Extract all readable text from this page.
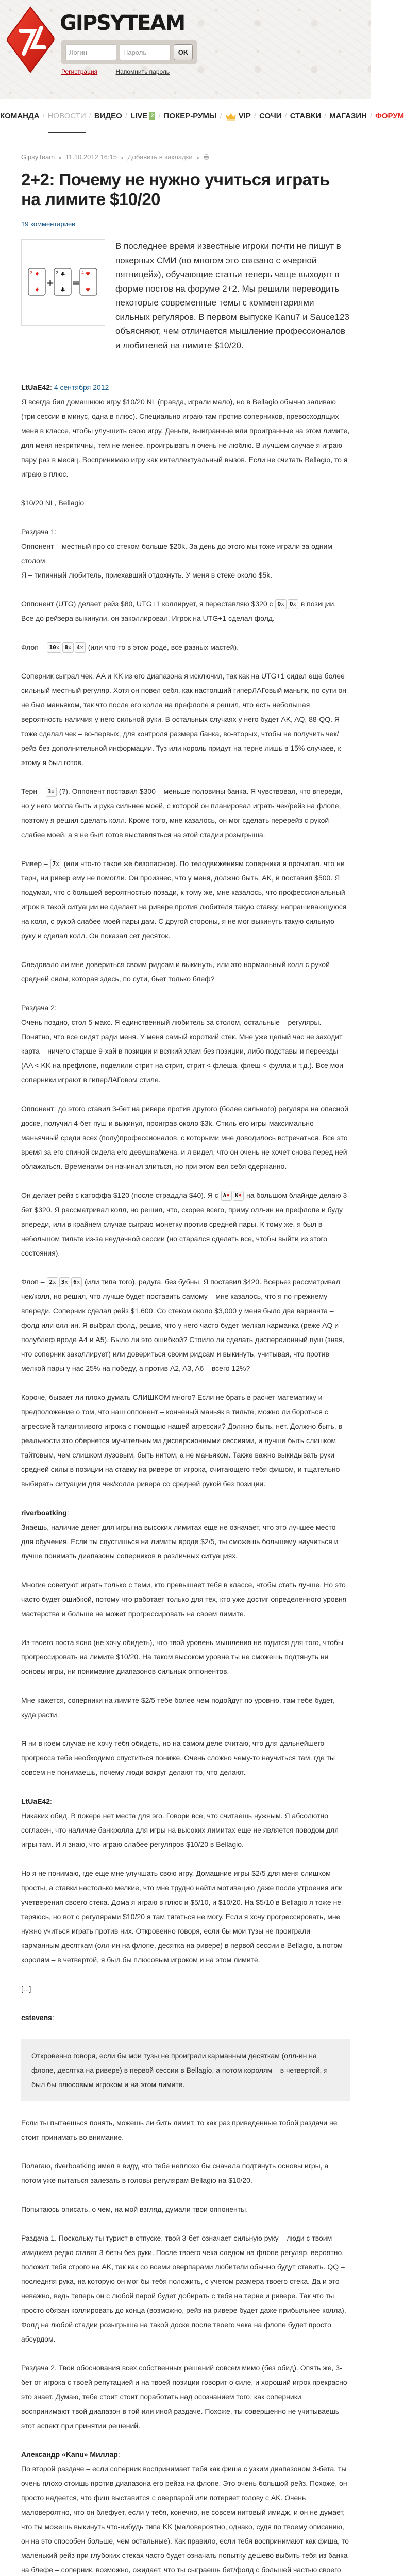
GIPSYTEAM
Логин
OK
Регистрация	Напомнить пароль
КОМАНДА / НОВОСТИ / ВИДЕО / LIVE 2 / ПОКЕР-РУМЫ / VIP / СОЧИ / СТАВКИ / МАГАЗИН / ФОРУМ
GipsyTeam ● 11.10.2012 16:15 ● Добавить в закладки ● 🖶
2+2: Почему не нужно учиться играть на лимите $10/20
19 комментариев
2 ♦
♦
+
2 ♣
♣
=
4 ♥
♥
В последнее время известные игроки почти не пишут в покерных СМИ (во многом это связано с «черной пятницей»), обучающие статьи теперь чаще выходят в форме постов на форуме 2+2. Мы решили переводить некоторые современные темы с комментариями сильных регуляров. В первом выпуске Kanu7 и Sauce123 объясняют, чем отличается мышление профессионалов и любителей на лимите $10/20.

LtUaE42: 4 сентября 2012
Я всегда бил домашнюю игру $10/20 NL (правда, играли мало), но в Bellagio обычно заливаю (три сессии в минус, одна в плюс). Специально играю там против соперников, превосходящих меня в классе, чтобы улучшить свою игру. Деньги, выигранные или проигранные на этом лимите, для меня некритичны, тем не менее, проигрывать я очень не люблю. В лучшем случае я играю пару раз в месяц. Воспринимаю игру как интеллектуальный вызов. Если не считать Bellagio, то я играю в плюс.

$10/20 NL, Bellagio

Раздача 1:
Оппонент – местный про со стеком больше $20k. За день до этого мы тоже играли за одним столом.
Я – типичный любитель, приехавший отдохнуть. У меня в стеке около $5k.

Оппонент (UTG) делает рейз $80, UTG+1 коллирует, я переставляю $320 с Qx Qx в позиции. Все до рейзера выкинули, он заколлировал. Игрок на UTG+1 сделал фолд.

Флоп – 10x 8x 4x (или что-то в этом роде, все разных мастей).

Соперник сыграл чек. AA и KK из его диапазона я исключил, так как на UTG+1 сидел еще более сильный местный регуляр. Хотя он повел себя, как настоящий гиперЛАГовый маньяк, по сути он не был маньяком, так что после его колла на префлопе я решил, что есть небольшая вероятность наличия у него сильной руки. В остальных случаях у него будет AK, AQ, 88-QQ. Я тоже сделал чек – во-первых, для контроля размера банка, во-вторых, чтобы не получить чек/рейз без дополнительной информации. Туз или король придут на терне лишь в 15% случаев, к этому я был готов.

Терн – 3x (?). Оппонент поставил $300 – меньше половины банка. Я чувствовал, что впереди, но у него могла быть и рука сильнее моей, с которой он планировал играть чек/рейз на флопе, поэтому я решил сделать колл. Кроме того, мне казалось, он мог сделать перерейз с рукой слабее моей, а я не был готов выставляться на этой стадии розыгрыша.

Ривер – 7x (или что-то такое же безопасное). По телодвижениям соперника я прочитал, что ни терн, ни ривер ему не помогли. Он произнес, что у меня, должно быть, AK, и поставил $500. Я подумал, что с большей вероятностью позади, к тому же, мне казалось, что профессиональный игрок в такой ситуации не сделает на ривере против любителя такую ставку, напрашивающуюся на колл, с рукой слабее моей пары дам. С другой стороны, я не мог выкинуть такую сильную руку и сделал колл. Он показал сет десяток.

Следовало ли мне довериться своим ридсам и выкинуть, или это нормальный колл с рукой средней силы, которая здесь, по сути, бьет только блеф?

Раздача 2:
Очень поздно, стол 5-макс. Я единственный любитель за столом, остальные – регуляры. Понятно, что все сидят ради меня. У меня самый короткий стек. Мне уже целый час не заходит карта – ничего старше 9-хай в позиции и всякий хлам без позиции, либо подставы и переезды (AA < KK на префлопе, поделили стрит на стрит, стрит < флеша, флеш < фулла и т.д.). Все мои соперники играют в гиперЛАГовом стиле.

Оппонент: до этого ставил 3-бет на ривере против другого (более сильного) регуляра на опасной доске, получил 4-бет пуш и выкинул, проиграв около $3k. Стиль его игры максимально маньячный среди всех (полу)профессионалов, с которыми мне доводилось встречаться. Все это время за его спиной сидела его девушка/жена, и я видел, что он очень не хочет снова перед ней облажаться. Временами он начинал злиться, но при этом вел себя сдержанно.

Он делает рейз с катоффа $120 (после страддла $40). Я с A♦ K♦ на большом блайнде делаю 3-бет $320. Я рассматривал колл, но решил, что, скорее всего, приму олл-ин на префлопе и буду впереди, или в крайнем случае сыграю монетку против средней пары. К тому же, я был в небольшом тильте из-за неудачной сессии (но старался сделать все, чтобы выйти из этого состояния).

Флоп – 2x 3x 6x (или типа того), радуга, без бубны. Я поставил $420. Всерьез рассматривал чек/колл, но решил, что лучше будет поставить самому – мне казалось, что я по-прежнему впереди. Соперник сделал рейз $1,600. Со стеком около $3,000 у меня было два варианта – фолд или олл-ин. Я выбрал фолд, решив, что у него часто будет мелкая карманка (реже AQ и полублеф вроде A4 и A5). Было ли это ошибкой? Стоило ли сделать дисперсионный пуш (зная, что соперник заколлирует) или довериться своим ридсам и выкинуть, учитывая, что против мелкой пары у нас 25% на победу, а против A2, A3, A6 – всего 12%?

Короче, бывает ли плохо думать СЛИШКОМ много? Если не брать в расчет математику и предположение о том, что наш оппонент – конченый маньяк в тильте, можно ли бороться с агрессией талантливого игрока с помощью нашей агрессии? Должно быть, нет. Должно быть, в реальности это обернется мучительными дисперсионными сессиями, и лучше быть слишком тайтовым, чем слишком лузовым, быть нитом, а не маньяком. Также важно выкидывать руки средней силы в позиции на ставку на ривере от игрока, считающего тебя фишом, и тщательно выбирать ситуации для чек/колла ривера со средней рукой без позиции.

riverboatking:
Знаешь, наличие денег для игры на высоких лимитах еще не означает, что это лучшее место для обучения. Если ты спустишься на лимиты вроде $2/5, ты сможешь большему научиться и лучше понимать диапазоны соперников в различных ситуациях.

Многие советуют играть только с теми, кто превышает тебя в классе, чтобы стать лучше. Но это часто будет ошибкой, потому что работает только для тех, кто уже достиг определенного уровня мастерства и больше не может прогрессировать на своем лимите.

Из твоего поста ясно (не хочу обидеть), что твой уровень мышления не годится для того, чтобы прогрессировать на лимите $10/20. На таком высоком уровне ты не сможешь подтянуть ни основы игры, ни понимание диапазонов сильных оппонентов.

Мне кажется, соперники на лимите $2/5 тебе более чем подойдут по уровню, там тебе будет, куда расти.

Я ни в коем случае не хочу тебя обидеть, но на самом деле считаю, что для дальнейшего прогресса тебе необходимо спуститься пониже. Очень сложно чему-то научиться там, где ты совсем не понимаешь, почему люди вокруг делают то, что делают.

LtUaE42:
Никаких обид. В покере нет места для эго. Говори все, что считаешь нужным. Я абсолютно согласен, что наличие банкролла для игры на высоких лимитах еще не является поводом для игры там. И я знаю, что играю слабее регуляров $10/20 в Bellagio.

Но я не понимаю, где еще мне улучшать свою игру. Домашние игры $2/5 для меня слишком просты, а ставки настолько мелкие, что мне трудно найти мотивацию даже после утроения или учетверения своего стека. Дома я играю в плюс и $5/10, и $10/20. На $5/10 в Bellagio я тоже не теряюсь, но вот с регулярами $10/20 я там тягаться не могу. Если я хочу прогрессировать, мне нужно учиться играть против них. Откровенно говоря, если бы мои тузы не проиграли карманным десяткам (олл-ин на флопе, десятка на ривере) в первой сессии в Bellagio, а потом королям – в четвертой, я был бы плюсовым игроком и на этом лимите.

[...]

cstevens:

Откровенно говоря, если бы мои тузы не проиграли карманным десяткам (олл-ин на флопе, десятка на ривере) в первой сессии в Bellagio, а потом королям – в четвертой, я был бы плюсовым игроком и на этом лимите.

Если ты пытаешься понять, можешь ли бить лимит, то как раз приведенные тобой раздачи не стоит принимать во внимание.

Полагаю, riverboatking имел в виду, что тебе неплохо бы сначала подтянуть основы игры, а потом уже пытаться залезать в головы регулярам Bellagio на $10/20.

Попытаюсь описать, о чем, на мой взгляд, думали твои оппоненты.

Раздача 1. Поскольку ты турист в отпуске, твой 3-бет означает сильную руку – люди с твоим имиджем редко ставят 3-беты без руки. После твоего чека следом на флопе регуляр, вероятно, положит тебя строго на AK, так как со всеми оверпарами любители обычно будут ставить. QQ – последняя рука, на которую он мог бы тебя положить, с учетом размера твоего стека. Да и это неважно, ведь теперь он с любой парой будет добирать с тебя на терне и ривере. Так что ты просто обязан коллировать до конца (возможно, рейз на ривере будет даже прибыльнее колла). Фолд на любой стадии розыгрыша на такой доске после твоего чека на флопе будет просто абсурдом.

Раздача 2. Твои обоснования всех собственных решений совсем мимо (без обид). Опять же, 3-бет от игрока с твоей репутацией и на твоей позиции говорит о силе, и хороший игрок прекрасно это знает. Думаю, тебе стоит стоит поработать над осознанием того, как соперники воспринимают твой диапазон в той или иной раздаче. Похоже, ты совершенно не учитываешь этот аспект при принятии решений.

Александр «Kanu» Миллар:
По второй раздаче – если соперник воспринимает тебя как фиша с узким диапазоном 3-бета, ты очень плохо стоишь против диапазона его рейза на флопе. Это очень большой рейз. Похоже, он просто надеется, что фиш выставится с оверпарой или потеряет голову с AK. Очень маловероятно, что он блефует, если у тебя, конечно, не совсем нитовый имидж, и он не думает, что ты можешь выкинуть что-нибудь типа KK (маловероятно, однако, судя по твоему описанию, он на это способен больше, чем остальные). Как правило, если тебя воспринимают как фиша, то маленький рейз при глубоких стеках часто будет означать попытку дешево выбить тебя из банка на блефе – соперник, возможно, ожидает, что ты сыграешь бет/фолд с большей частью своего
